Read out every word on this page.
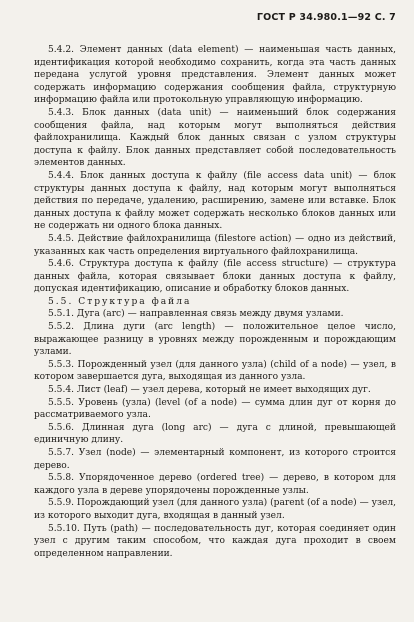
ГОСТ Р 34.980.1—92 С. 7

5.4.2. Элемент данных (data element) — наименьшая часть данных, идентификация которой необходимо сохранить, когда эта часть данных передана услугой уровня представления. Элемент данных может содержать информацию содержания сообщения файла, структурную информацию файла или протокольную управляющую информацию.

5.4.3. Блок данных (data unit) — наименьший блок содержания сообщения файла, над которым могут выполняться действия файлохранилища. Каждый блок данных связан с узлом структуры доступа к файлу. Блок данных представляет собой последовательность элементов данных.

5.4.4. Блок данных доступа к файлу (file access data unit) — блок структуры данных доступа к файлу, над которым могут выполняться действия по передаче, удалению, расширению, замене или вставке. Блок данных доступа к файлу может содержать несколько блоков данных или не содержать ни одного блока данных.

5.4.5. Действие файлохранилища (filestore action) — одно из действий, указанных как часть определения виртуального файлохранилища.

5.4.6. Структура доступа к файлу (file access structure) — структура данных файла, которая связывает блоки данных доступа к файлу, допуская идентификацию, описание и обработку блоков данных.

5.5. Структура файла

5.5.1. Дуга (arc) — направленная связь между двумя узлами.

5.5.2. Длина дуги (arc length) — положительное целое число, выражающее разницу в уровнях между порожденным и порождающим узлами.

5.5.3. Порожденный узел (для данного узла) (child of a node) — узел, в котором завершается дуга, выходящая из данного узла.

5.5.4. Лист (leaf) — узел дерева, который не имеет выходящих дуг.

5.5.5. Уровень (узла) (level (of a node) — сумма длин дуг от корня до рассматриваемого узла.

5.5.6. Длинная дуга (long arc) — дуга с длиной, превышающей единичную длину.

5.5.7. Узел (node) — элементарный компонент, из которого строится дерево.

5.5.8. Упорядоченное дерево (ordered tree) — дерево, в котором для каждого узла в дереве упорядочены порожденные узлы.

5.5.9. Порождающий узел (для данного узла) (parent (of a node) — узел, из которого выходит дуга, входящая в данный узел.

5.5.10. Путь (path) — последовательность дуг, которая соединяет один узел с другим таким способом, что каждая дуга проходит в своем определенном направлении.
